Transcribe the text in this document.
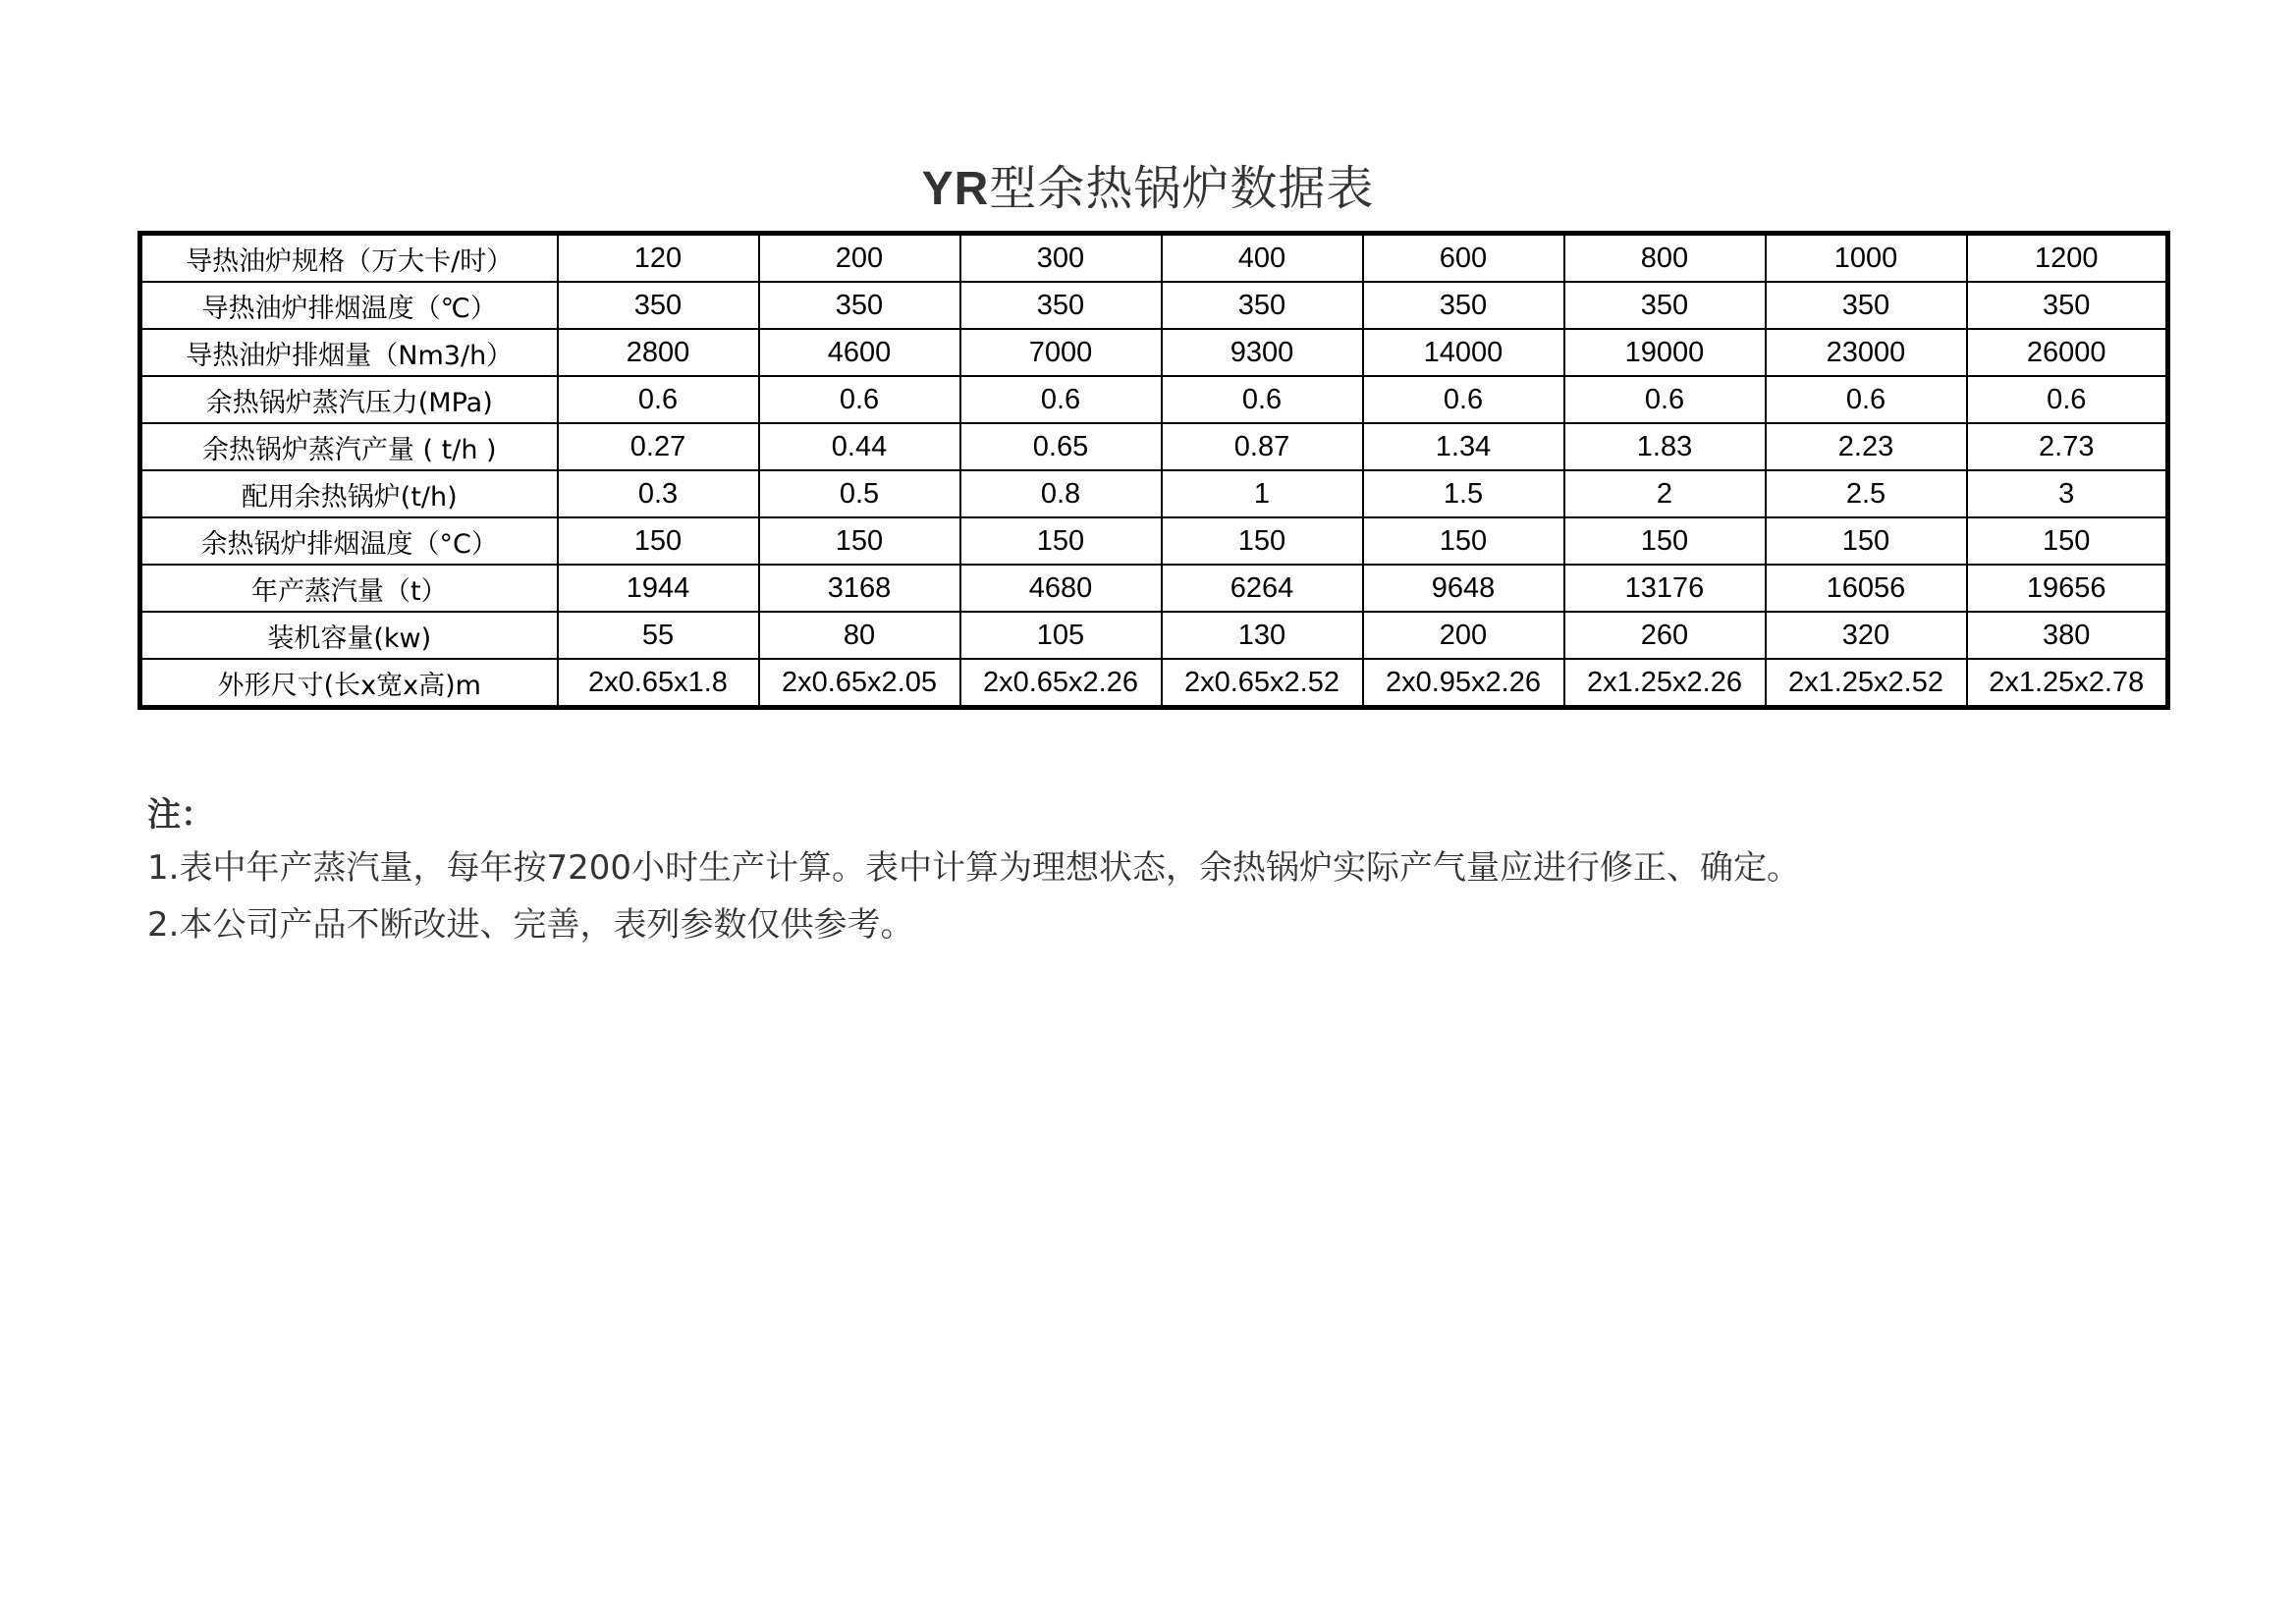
YR型余热锅炉数据表
导热油炉规格（万大卡/时）	120	200	300	400	600	800	1000	1200
导热油炉排烟温度（℃）	350	350	350	350	350	350	350	350
导热油炉排烟量（Nm3/h）	2800	4600	7000	9300	14000	19000	23000	26000
余热锅炉蒸汽压力(MPa)	0.6	0.6	0.6	0.6	0.6	0.6	0.6	0.6
余热锅炉蒸汽产量 ( t/h )	0.27	0.44	0.65	0.87	1.34	1.83	2.23	2.73
配用余热锅炉(t/h)	0.3	0.5	0.8	1	1.5	2	2.5	3
余热锅炉排烟温度（°C）	150	150	150	150	150	150	150	150
年产蒸汽量（t）	1944	3168	4680	6264	9648	13176	16056	19656
装机容量(kw)	55	80	105	130	200	260	320	380
外形尺寸(长x宽x高)m	2x0.65x1.8	2x0.65x2.05	2x0.65x2.26	2x0.65x2.52	2x0.95x2.26	2x1.25x2.26	2x1.25x2.52	2x1.25x2.78
注：
1.表中年产蒸汽量，每年按7200小时生产计算。表中计算为理想状态，余热锅炉实际产气量应进行修正、确定。
2.本公司产品不断改进、完善，表列参数仅供参考。
